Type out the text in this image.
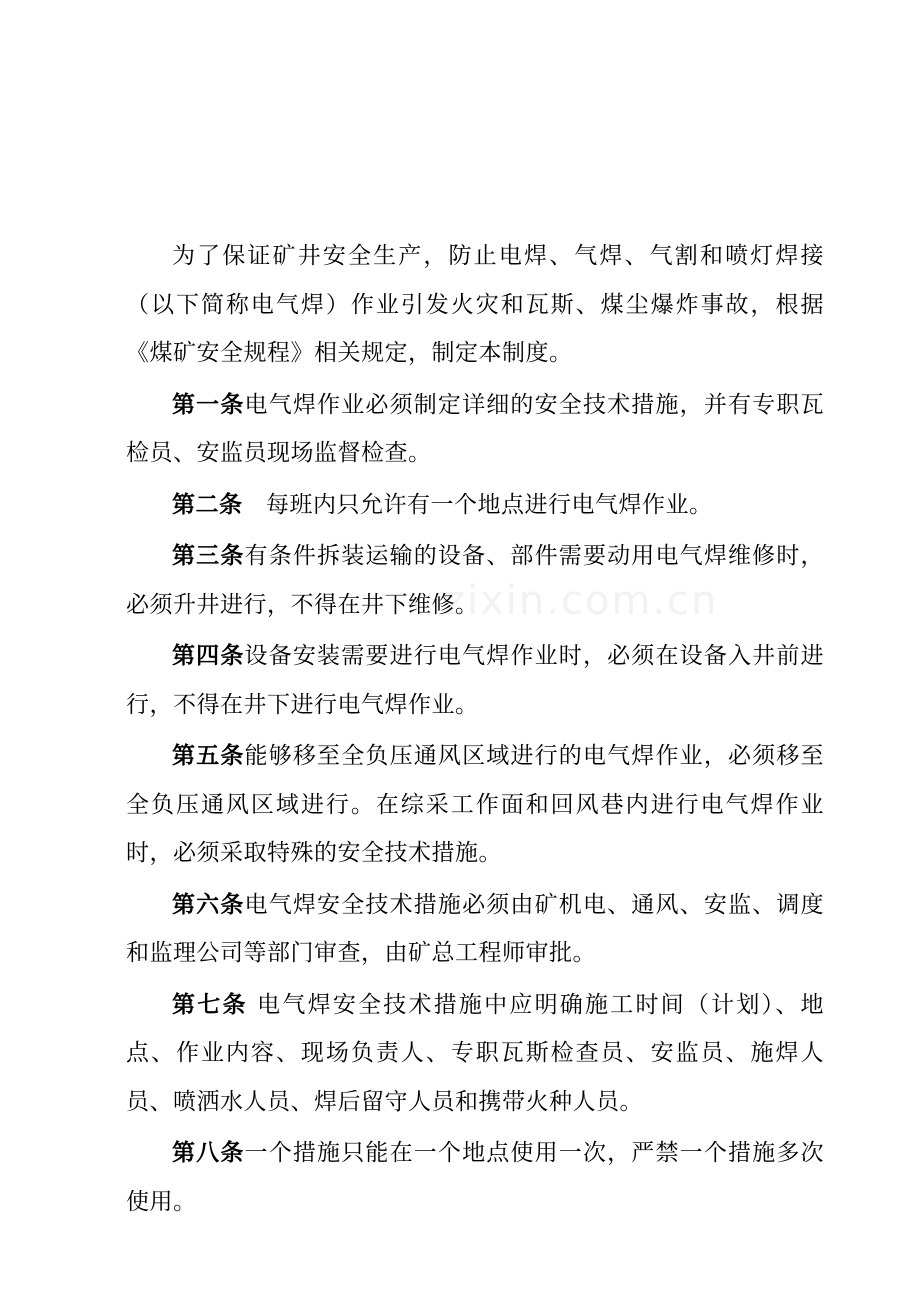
zixin.com.cn

为了保证矿井安全生产，防止电焊、气焊、气割和喷灯焊接（以下简称电气焊）作业引发火灾和瓦斯、煤尘爆炸事故，根据《煤矿安全规程》相关规定，制定本制度。

第一条电气焊作业必须制定详细的安全技术措施，并有专职瓦检员、安监员现场监督检查。

第二条　每班内只允许有一个地点进行电气焊作业。

第三条有条件拆装运输的设备、部件需要动用电气焊维修时，必须升井进行，不得在井下维修。

第四条设备安装需要进行电气焊作业时，必须在设备入井前进行，不得在井下进行电气焊作业。

第五条能够移至全负压通风区域进行的电气焊作业，必须移至全负压通风区域进行。在综采工作面和回风巷内进行电气焊作业时，必须采取特殊的安全技术措施。

第六条电气焊安全技术措施必须由矿机电、通风、安监、调度和监理公司等部门审查，由矿总工程师审批。

第七条 电气焊安全技术措施中应明确施工时间（计划）、地点、作业内容、现场负责人、专职瓦斯检查员、安监员、施焊人员、喷洒水人员、焊后留守人员和携带火种人员。

第八条一个措施只能在一个地点使用一次，严禁一个措施多次使用。
